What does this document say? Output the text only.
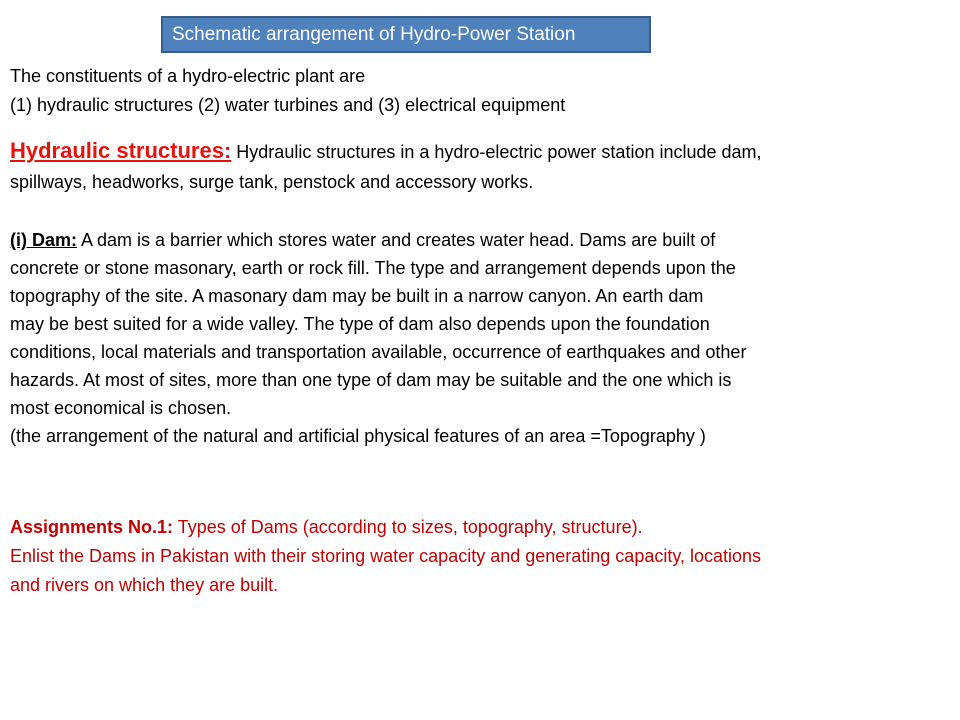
Schematic arrangement of Hydro-Power Station
The constituents of a hydro-electric plant are
(1) hydraulic structures (2) water turbines and (3) electrical equipment
Hydraulic structures: Hydraulic structures in a hydro-electric power station include dam,
spillways, headworks, surge tank, penstock and accessory works.
(i) Dam: A dam is a barrier which stores water and creates water head. Dams are built of
concrete or stone masonary, earth or rock fill. The type and arrangement depends upon the
topography of the site. A masonary dam may be built in a narrow canyon. An earth dam
may be best suited for a wide valley. The type of dam also depends upon the foundation
conditions, local materials and transportation available, occurrence of earthquakes and other
hazards. At most of sites, more than one type of dam may be suitable and the one which is
most economical is chosen.
(the arrangement of the natural and artificial physical features of an area =Topography )
Assignments No.1: Types of Dams (according to sizes, topography, structure).
Enlist the Dams in Pakistan with their storing water capacity and generating capacity, locations
and rivers on which they are built.
